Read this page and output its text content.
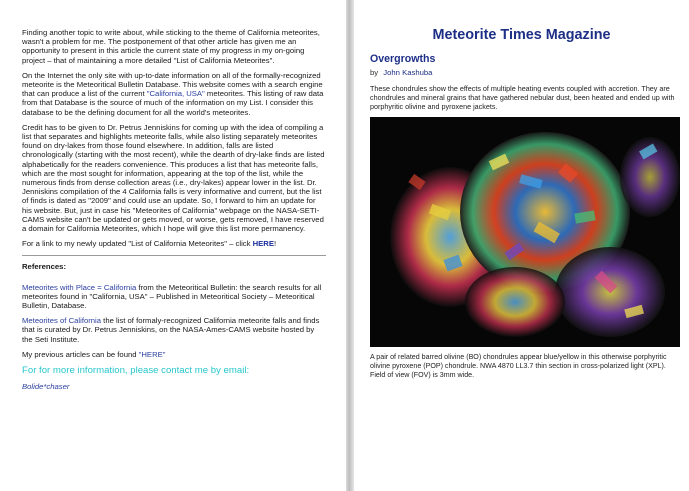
Finding another topic to write about, while sticking to the theme of California meteorites, wasn't a problem for me. The postponement of that other article has given me an opportunity to present in this article the current state of my progress in my on-going project – that of maintaining a more detailed "List of California Meteorites".

On the Internet the only site with up-to-date information on all of the formally-recognized meteorite is the Meteoritical Bulletin Database. This website comes with a search engine that can produce a list of the current "California, USA" meteorites. This listing of raw data from that Database is the source of much of the information on my List. I consider this database to be the defining document for all the world's meteorites.

Credit has to be given to Dr. Petrus Jenniskins for coming up with the idea of compiling a list that separates and highlights meteorite falls, while also listing separately meteorites found on dry-lakes from those found elsewhere. In addition, falls are listed chronologically (starting with the most recent), while the dearth of dry-lake finds are listed alphabetically for the readers convenience. This produces a list that has meteorite falls, which are the most sought for information, appearing at the top of the list, while the numerous finds from dense collection areas (i.e., dry-lakes) appear lower in the list. Dr. Jenniskins compilation of the 4 California falls is very informative and current, but the list of finds is dated as "2009" and could use an update. So, I forward to him an update for his website. But, just in case his "Meteorites of California" webpage on the NASA-SETI-CAMS website can't be updated or gets moved, or worse, gets removed, I have reserved a domain for California Meteorites, which I hope will give this list more permanency.

For a link to my newly updated "List of California Meteorites" – click HERE!

References:

Meteorites with Place = California from the Meteoritical Bulletin: the search results for all meteorites found in "California, USA" – Published in Meteoritical Society – Meteoritical Bulletin, Database.

Meteorites of California the list of formaly-recognized California meteorite falls and finds that is curated by Dr. Petrus Jenniskins, on the NASA-Ames-CAMS website hosted by the Seti Institute.

My previous articles can be found "HERE"

For for more information, please contact me by email:

Bolide*chaser

Meteorite Times Magazine
Overgrowths
by John Kashuba
These chondrules show the effects of multiple heating events coupled with accretion. They are chondrules and mineral grains that have gathered nebular dust, been heated and ended up with porphyritic olivine and pyroxene jackets.
A pair of related barred olivine (BO) chondrules appear blue/yellow in this otherwise porphyritic olivine pyroxene (POP) chondrule. NWA 4870 LL3.7 thin section in cross-polarized light (XPL). Field of view (FOV) is 3mm wide.
